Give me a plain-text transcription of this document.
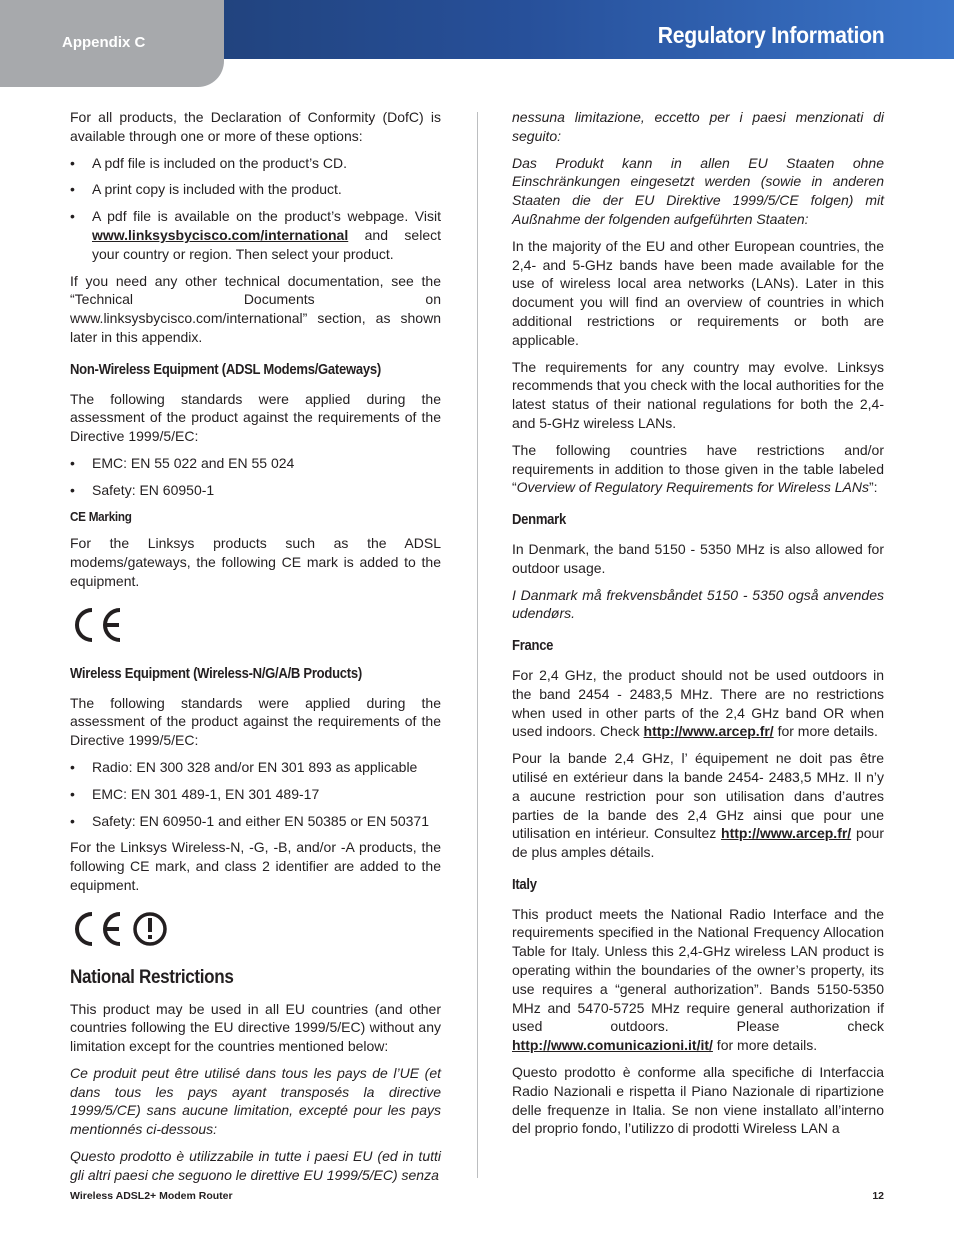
Appendix C	Regulatory Information

For all products, the Declaration of Conformity (DofC) is available through one or more of these options:

• A pdf file is included on the product’s CD.
• A print copy is included with the product.
• A pdf file is available on the product’s webpage. Visit www.linksysbycisco.com/international and select your country or region. Then select your product.

If you need any other technical documentation, see the “Technical Documents on www.linksysbycisco.com/international” section, as shown later in this appendix.

Non-Wireless Equipment (ADSL Modems/Gateways)

The following standards were applied during the assessment of the product against the requirements of the Directive 1999/5/EC:

• EMC: EN 55 022 and EN 55 024
• Safety: EN 60950-1
CE Marking

For the Linksys products such as the ADSL modems/gateways, the following CE mark is added to the equipment.

Wireless Equipment (Wireless-N/G/A/B Products)

The following standards were applied during the assessment of the product against the requirements of the Directive 1999/5/EC:

• Radio: EN 300 328 and/or EN 301 893 as applicable
• EMC: EN 301 489-1, EN 301 489-17
• Safety: EN 60950-1 and either EN 50385 or EN 50371

For the Linksys Wireless-N, -G, -B, and/or -A products, the following CE mark, and class 2 identifier are added to the equipment.

National Restrictions

This product may be used in all EU countries (and other countries following the EU directive 1999/5/EC) without any limitation except for the countries mentioned below:

Ce produit peut être utilisé dans tous les pays de l’UE (et dans tous les pays ayant transposés la directive 1999/5/CE) sans aucune limitation, excepté pour les pays mentionnés ci-dessous:

Questo prodotto è utilizzabile in tutte i paesi EU (ed in tutti gli altri paesi che seguono le direttive EU 1999/5/EC) senza

nessuna limitazione, eccetto per i paesi menzionati di seguito:

Das Produkt kann in allen EU Staaten ohne Einschränkungen eingesetzt werden (sowie in anderen Staaten die der EU Direktive 1999/5/CE folgen) mit Außnahme der folgenden aufgeführten Staaten:

In the majority of the EU and other European countries, the 2,4- and 5-GHz bands have been made available for the use of wireless local area networks (LANs). Later in this document you will find an overview of countries in which additional restrictions or requirements or both are applicable.

The requirements for any country may evolve. Linksys recommends that you check with the local authorities for the latest status of their national regulations for both the 2,4- and 5-GHz wireless LANs.

The following countries have restrictions and/or requirements in addition to those given in the table labeled “Overview of Regulatory Requirements for Wireless LANs”:

Denmark

In Denmark, the band 5150 - 5350 MHz is also allowed for outdoor usage.

I Danmark må frekvensbåndet 5150 - 5350 også anvendes udendørs.

France

For 2,4 GHz, the product should not be used outdoors in the band 2454 - 2483,5 MHz. There are no restrictions when used in other parts of the 2,4 GHz band OR when used indoors. Check http://www.arcep.fr/ for more details.

Pour la bande 2,4 GHz, l’ équipement ne doit pas être utilisé en extérieur dans la bande 2454- 2483,5 MHz. Il n’y a aucune restriction pour son utilisation dans d’autres parties de la bande des 2,4 GHz ainsi que pour une utilisation en intérieur. Consultez http://www.arcep.fr/ pour de plus amples détails.

Italy

This product meets the National Radio Interface and the requirements specified in the National Frequency Allocation Table for Italy. Unless this 2,4-GHz wireless LAN product is operating within the boundaries of the owner’s property, its use requires a “general authorization”. Bands 5150-5350 MHz and 5470-5725 MHz require general authorization if used outdoors. Please check http://www.comunicazioni.it/it/ for more details.

Questo prodotto è conforme alla specifiche di Interfaccia Radio Nazionali e rispetta il Piano Nazionale di ripartizione delle frequenze in Italia. Se non viene installato all’interno del proprio fondo, l’utilizzo di prodotti Wireless LAN a

Wireless ADSL2+ Modem Router	12
